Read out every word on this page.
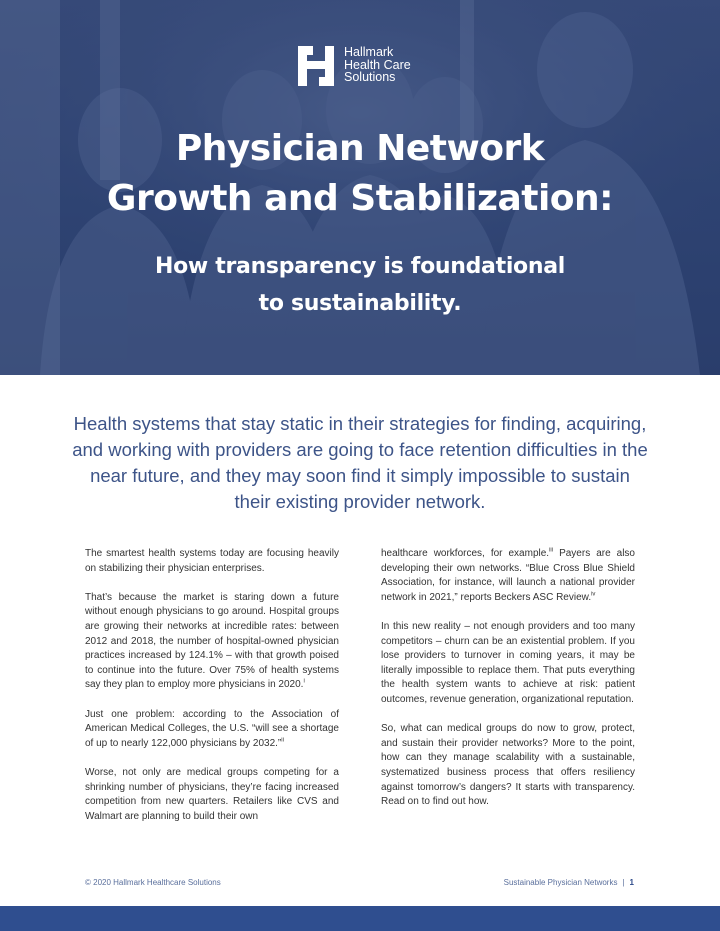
Hallmark
Health Care
Solutions
Physician Network
Growth and Stabilization:
How transparency is foundational
to sustainability.
Health systems that stay static in their strategies for finding, acquiring, and working with providers are going to face retention difficulties in the near future, and they may soon find it simply impossible to sustain their existing provider network.

The smartest health systems today are focusing heavily on stabilizing their physician enterprises.

That’s because the market is staring down a future without enough physicians to go around. Hospital groups are growing their networks at incredible rates: between 2012 and 2018, the number of hospital-owned physician practices increased by 124.1% – with that growth poised to continue into the future. Over 75% of health systems say they plan to employ more physicians in 2020.$^i$

Just one problem: according to the Association of American Medical Colleges, the U.S. “will see a shortage of up to nearly 122,000 physicians by 2032.”$^{ii}$

Worse, not only are medical groups competing for a shrinking number of physicians, they’re facing increased competition from new quarters. Retailers like CVS and Walmart are planning to build their own

healthcare workforces, for example.$^{iii}$ Payers are also developing their own networks. “Blue Cross Blue Shield Association, for instance, will launch a national provider network in 2021,” reports Beckers ASC Review.$^{iv}$

In this new reality – not enough providers and too many competitors – churn can be an existential problem. If you lose providers to turnover in coming years, it may be literally impossible to replace them. That puts everything the health system wants to achieve at risk: patient outcomes, revenue generation, organizational reputation.

So, what can medical groups do now to grow, protect, and sustain their provider networks? More to the point, how can they manage scalability with a sustainable, systematized business process that offers resiliency against tomorrow’s dangers? It starts with transparency. Read on to find out how.

© 2020 Hallmark Healthcare Solutions	Sustainable Physician Networks | 1
